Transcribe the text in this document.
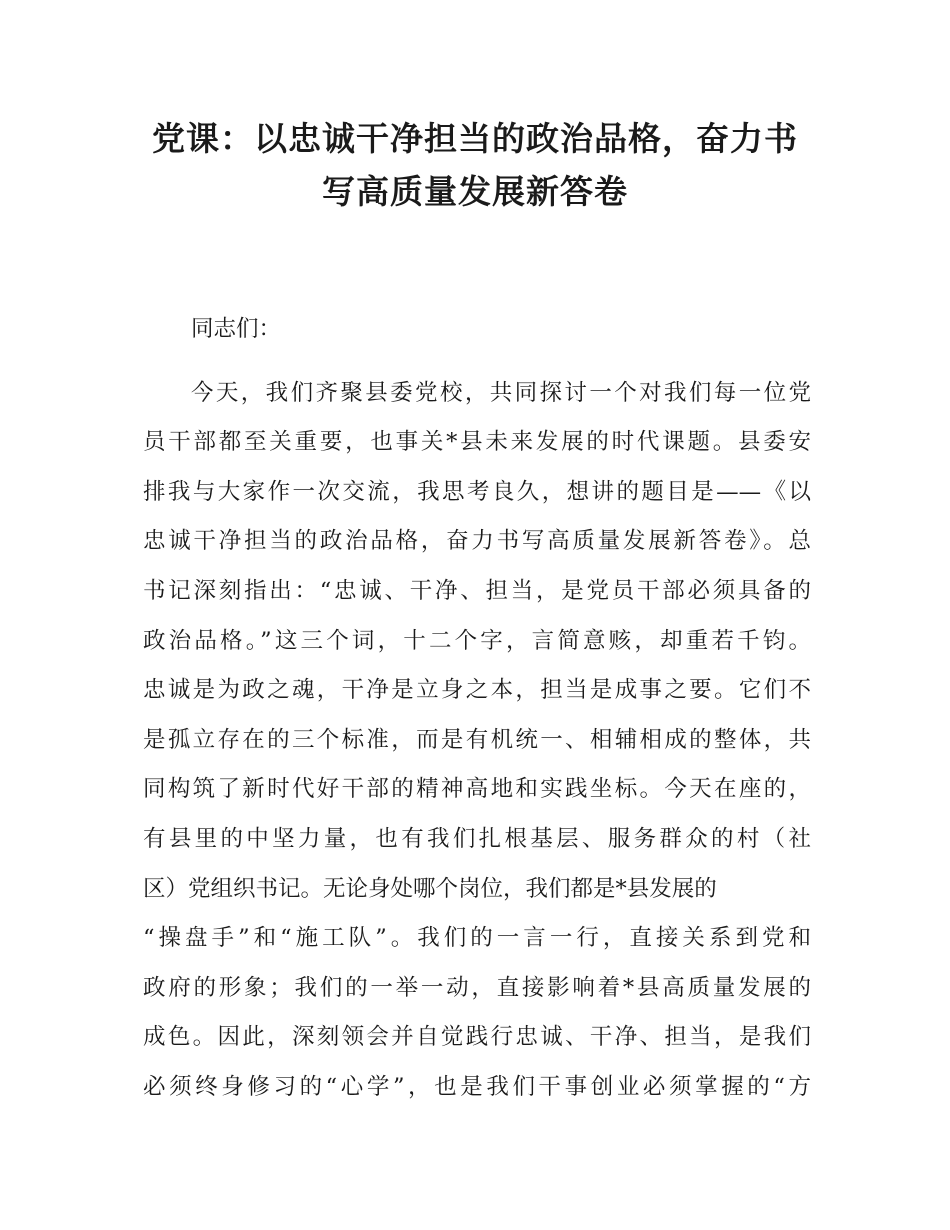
党课：以忠诚干净担当的政治品格，奋力书
写高质量发展新答卷
同志们：
今天，我们齐聚县委党校，共同探讨一个对我们每一位党
员干部都至关重要，也事关*县未来发展的时代课题。县委安
排我与大家作一次交流，我思考良久，想讲的题目是——《以
忠诚干净担当的政治品格，奋力书写高质量发展新答卷》。总
书记深刻指出：“忠诚、干净、担当，是党员干部必须具备的
政治品格。”这三个词，十二个字，言简意赅，却重若千钧。
忠诚是为政之魂，干净是立身之本，担当是成事之要。它们不
是孤立存在的三个标准，而是有机统一、相辅相成的整体，共
同构筑了新时代好干部的精神高地和实践坐标。今天在座的，
有县里的中坚力量，也有我们扎根基层、服务群众的村（社
区）党组织书记。无论身处哪个岗位，我们都是*县发展的
“操盘手”和“施工队”。我们的一言一行，直接关系到党和
政府的形象；我们的一举一动，直接影响着*县高质量发展的
成色。因此，深刻领会并自觉践行忠诚、干净、担当，是我们
必须终身修习的“心学”，也是我们干事创业必须掌握的“方
